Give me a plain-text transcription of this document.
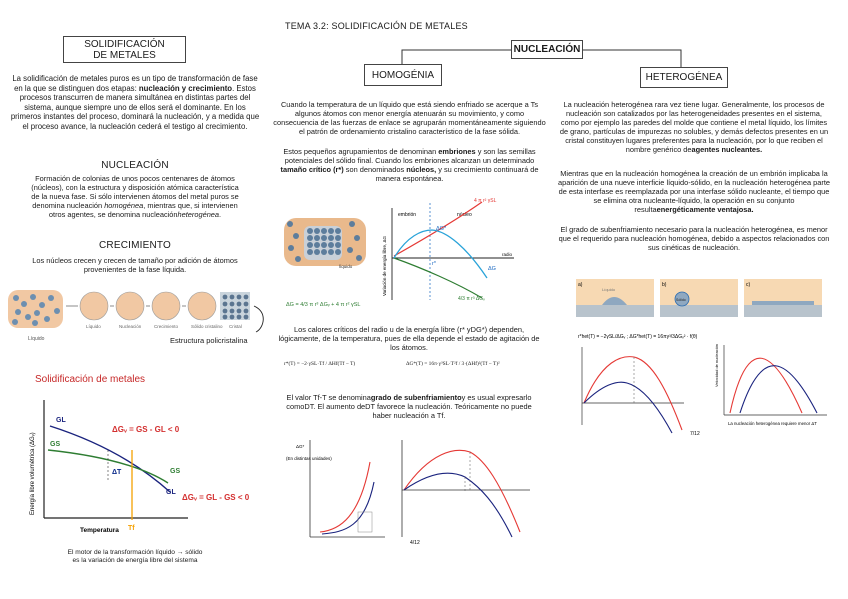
TEMA 3.2: SOLIDIFICACIÓN DE METALES
SOLIDIFICACIÓN DE METALES
La solidificación de metales puros es un tipo de transformación de fase en la que se distinguen dos etapas: nucleación y crecimiento. Estos procesos transcurren de manera simultánea en distintas partes del sistema, aunque siempre uno de ellos será el dominante. En los primeros instantes del proceso, dominará la nucleación, y a medida que el proceso avance, la nucleación cederá el testigo al crecimiento.
NUCLEACIÓN
Formación de colonias de unos pocos centenares de átomos (núcleos), con la estructura y disposición atómica característica de la nueva fase. Si sólo intervienen átomos del metal puros se denomina nucleación homogénea, mientras que, si intervienen otros agentes, se denomina nucleaciónheterogénea.
CRECIMIENTO
Los núcleos crecen y crecen de tamaño por adición de átomos provenientes de la fase líquida.
Líquido
Líquido	Nucleación	Crecimiento	Sólido cristalino Cristal
Estructura policristalina
Solidificación de metales
Energía libre volumétrica (ΔGᵥ)
Temperatura
GL
GS
GS
GL
ΔGᵥ = GS - GL < 0
ΔGᵥ = GL - GS < 0
ΔT
Tf
El motor de la transformación líquido → sólido
es la variación de energía libre del sistema
NUCLEACIÓN
HOMOGÉNIA	HETEROGÉNEA
Cuando la temperatura de un líquido que está siendo enfriado se acerque a Ts algunos átomos con menor energía atenuarán su movimiento, y como consecuencia de las fuerzas de enlace se agruparán momentáneamente siguiendo el patrón de ordenamiento cristalino característico de la fase sólida.
Estos pequeños agrupamientos de denominan embriones y son las semillas potenciales del sólido final. Cuando los embriones alcanzan un determinado tamaño crítico (r*) son denominados núcleos, y su crecimiento continuará de manera espontánea.
líquido
radio
Variación de energía libre, ΔG
embrión	núcleo
ΔG*
r*
ΔG
4 π r² γSL
4/3 π r³ ΔGᵥ
ΔG = 4/3 π r³ ΔGᵥ + 4 π r² γSL
Los calores críticos del radio u de la energía libre (r* yDG*) dependen, lógicamente, de la temperatura, pues de ella depende el estado de agitación de los átomos.
r*(T) = −2·γSL·Tf / ΔHf(Tf − T)	ΔG*(T) = 16π·γ³SL·T²f / 3·(ΔHf)²(Tf − T)²
El valor Tf-T se denominagrado de subenfriamientoy es usual expresarlo comoDT. El aumento deDT favorece la nucleación. Teóricamente no puede haber nucleación a Tf.
ΔG*
(En distintas unidades)
4/12
La nucleación heterogénea rara vez tiene lugar. Generalmente, los procesos de nucleación son catalizados por las heterogeneidades presentes en el sistema, como por ejemplo las paredes del molde que contiene el metal líquido, los límites de grano, partículas de impurezas no solubles, y demás defectos presentes en un cristal constituyen lugares preferentes para la nucleación, por lo que reciben el nombre genérico deagentes nucleantes.
Mientras que en la nucleación homogénea la creación de un embrión implicaba la aparición de una nueve interficie líquido-sólido, en la nucleación heterogénea parte de esta interfase es reemplazada por una interfase sólido nucleante, el tiempo que se elimina otra nucleante-líquido, la operación en su conjunto resultaenergéticamente ventajosa.
El grado de subenfriamiento necesario para la nucleación heterogénea, es menor que el requerido para nucleación homogénea, debido a aspectos relacionados con sus cinéticas de nucleación.
a)
Líquido
b)
Sólido
c)
r*het(T) = −2γSL/ΔGᵥ ; ΔG*het(T) = 16πγ³/3ΔGᵥ² · f(θ)
Velocidad de nucleación
La nucleación heterogénea requiere menor ΔT
7/12
